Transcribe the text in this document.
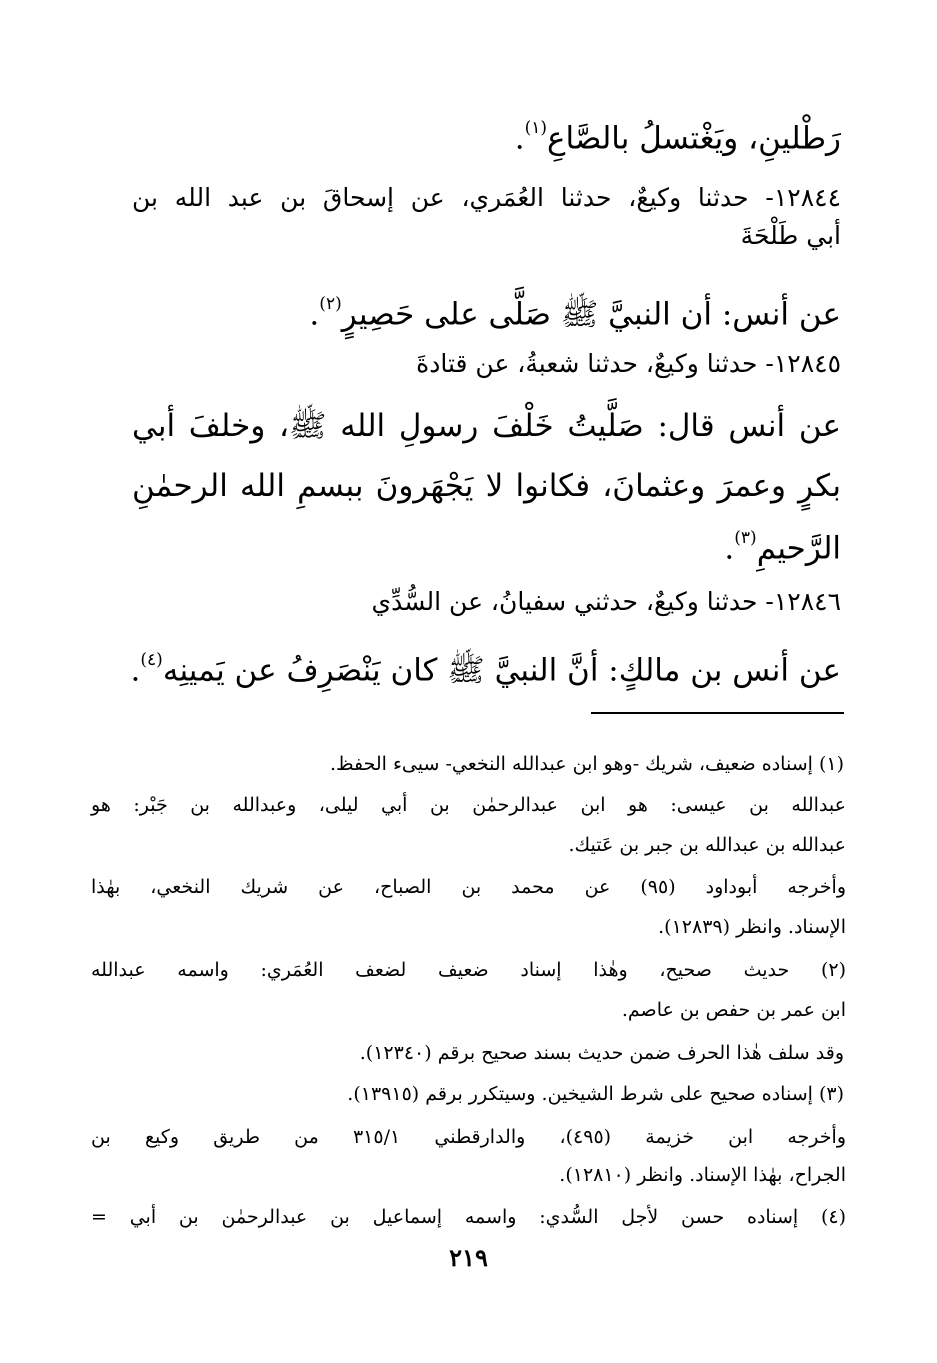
رَطْلينِ، ويَغْتسلُ بالصَّاعِ$^{(١)}$.
١٢٨٤٤- حدثنا وكيعٌ، حدثنا العُمَري، عن إسحاقَ بن عبد الله بن
أبي طَلْحَةَ
عن أنس: أن النبيَّ ﷺ صَلَّى على حَصِيرٍ$^{(٢)}$.
١٢٨٤٥- حدثنا وكيعٌ، حدثنا شعبةُ، عن قتادةَ
عن أنس قال: صَلَّيتُ خَلْفَ رسولِ الله ﷺ، وخلفَ أبي
بكرٍ وعمرَ وعثمانَ، فكانوا لا يَجْهَرونَ ببسمِ الله الرحمٰنِ
الرَّحيمِ$^{(٣)}$.
١٢٨٤٦- حدثنا وكيعٌ، حدثني سفيانُ، عن السُّدِّي
عن أنس بن مالكٍ: أنَّ النبيَّ ﷺ كان يَنْصَرِفُ عن يَمينِه$^{(٤)}$.
(١) إسناده ضعيف، شريك -وهو ابن عبدالله النخعي- سيىء الحفظ.
عبدالله بن عيسى: هو ابن عبدالرحمٰن بن أبي ليلى، وعبدالله بن جَبْر: هو
عبدالله بن عبدالله بن جبر بن عَتيك.
وأخرجه أبوداود (٩٥) عن محمد بن الصباح، عن شريك النخعي، بهٰذا
الإسناد. وانظر (١٢٨٣٩).
(٢) حديث صحيح، وهٰذا إسناد ضعيف لضعف العُمَري: واسمه عبدالله
ابن عمر بن حفص بن عاصم.
وقد سلف هٰذا الحرف ضمن حديث بسند صحيح برقم (١٢٣٤٠).
(٣) إسناده صحيح على شرط الشيخين. وسيتكرر برقم (١٣٩١٥).
وأخرجه ابن خزيمة (٤٩٥)، والدارقطني ٣١٥/١ من طريق وكيع بن
الجراح، بهٰذا الإسناد. وانظر (١٢٨١٠).
(٤) إسناده حسن لأجل السُّدي: واسمه إسماعيل بن عبدالرحمٰن بن أبي =
٢١٩
